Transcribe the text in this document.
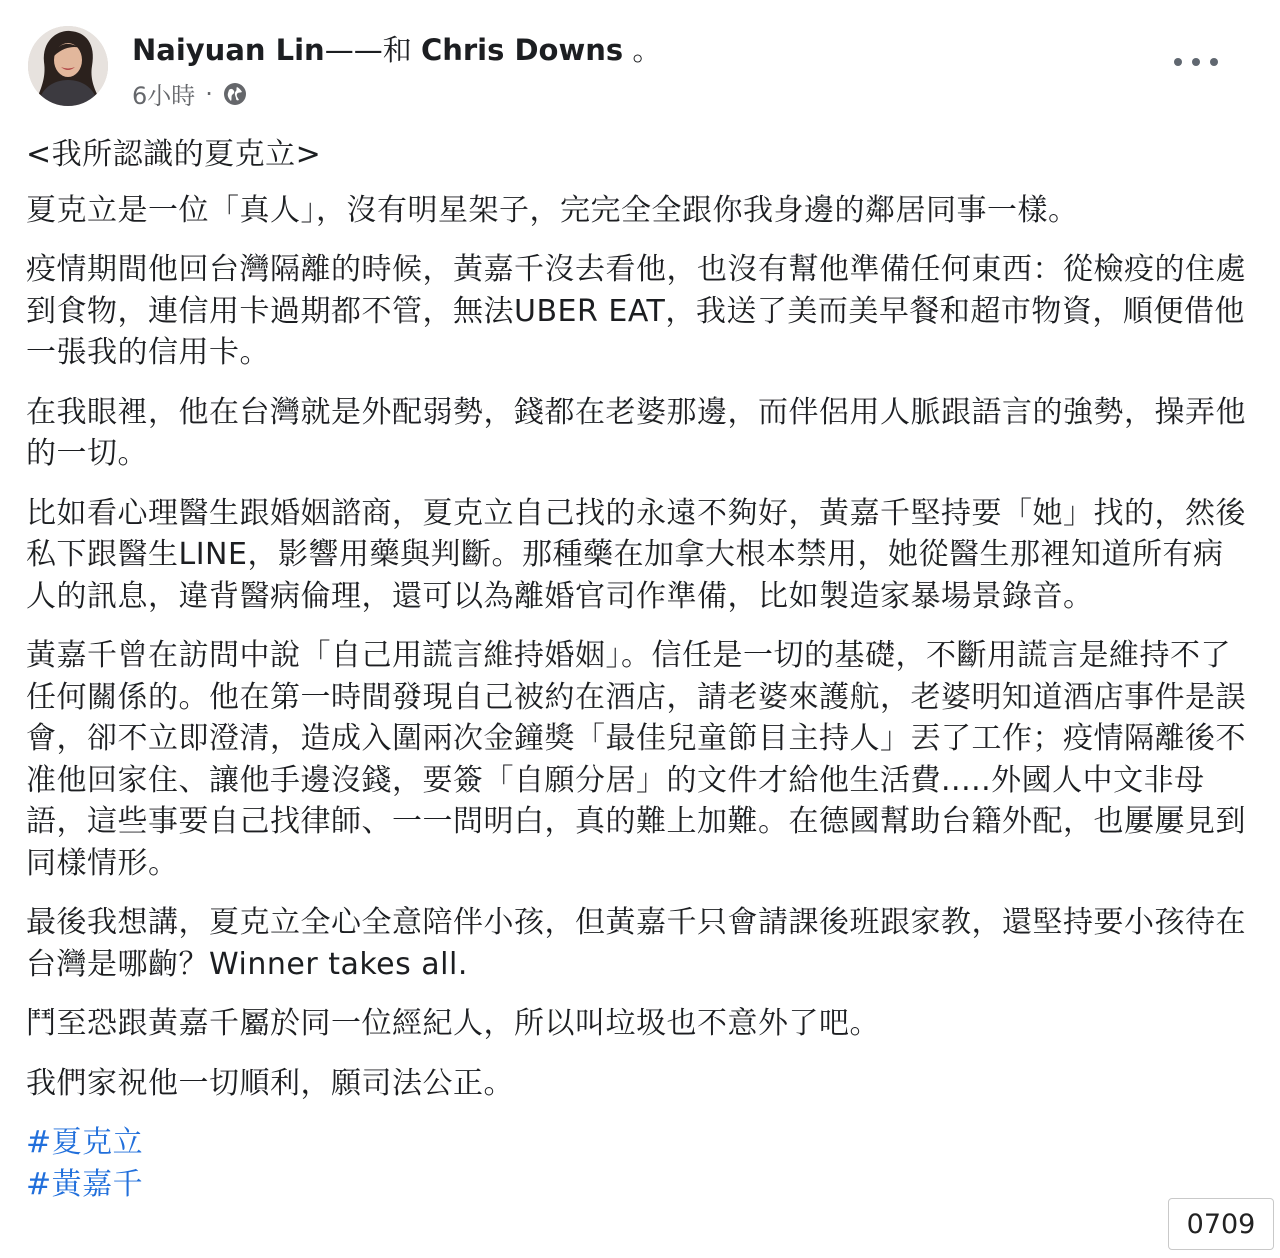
Naiyuan Lin——和 Chris Downs 。
6小時 ·

<我所認識的夏克立>

夏克立是一位「真人」，沒有明星架子，完完全全跟你我身邊的鄰居同事一樣。

疫情期間他回台灣隔離的時候，黃嘉千沒去看他，也沒有幫他準備任何東西：從檢疫的住處到食物，連信用卡過期都不管，無法UBER EAT，我送了美而美早餐和超市物資，順便借他一張我的信用卡。

在我眼裡，他在台灣就是外配弱勢，錢都在老婆那邊，而伴侶用人脈跟語言的強勢，操弄他的一切。

比如看心理醫生跟婚姻諮商，夏克立自己找的永遠不夠好，黃嘉千堅持要「她」找的，然後私下跟醫生LINE，影響用藥與判斷。那種藥在加拿大根本禁用，她從醫生那裡知道所有病人的訊息，違背醫病倫理，還可以為離婚官司作準備，比如製造家暴場景錄音。

黃嘉千曾在訪問中說「自己用謊言維持婚姻」。信任是一切的基礎，不斷用謊言是維持不了任何關係的。他在第一時間發現自己被約在酒店，請老婆來護航，老婆明知道酒店事件是誤會，卻不立即澄清，造成入圍兩次金鐘獎「最佳兒童節目主持人」丟了工作；疫情隔離後不准他回家住、讓他手邊沒錢，要簽「自願分居」的文件才給他生活費.....外國人中文非母語，這些事要自己找律師、一一問明白，真的難上加難。在德國幫助台籍外配，也屢屢見到同樣情形。

最後我想講，夏克立全心全意陪伴小孩，但黃嘉千只會請課後班跟家教，還堅持要小孩待在台灣是哪齣？Winner takes all.

鬥至恐跟黃嘉千屬於同一位經紀人，所以叫垃圾也不意外了吧。

我們家祝他一切順利，願司法公正。

#夏克立
#黃嘉千
0709
